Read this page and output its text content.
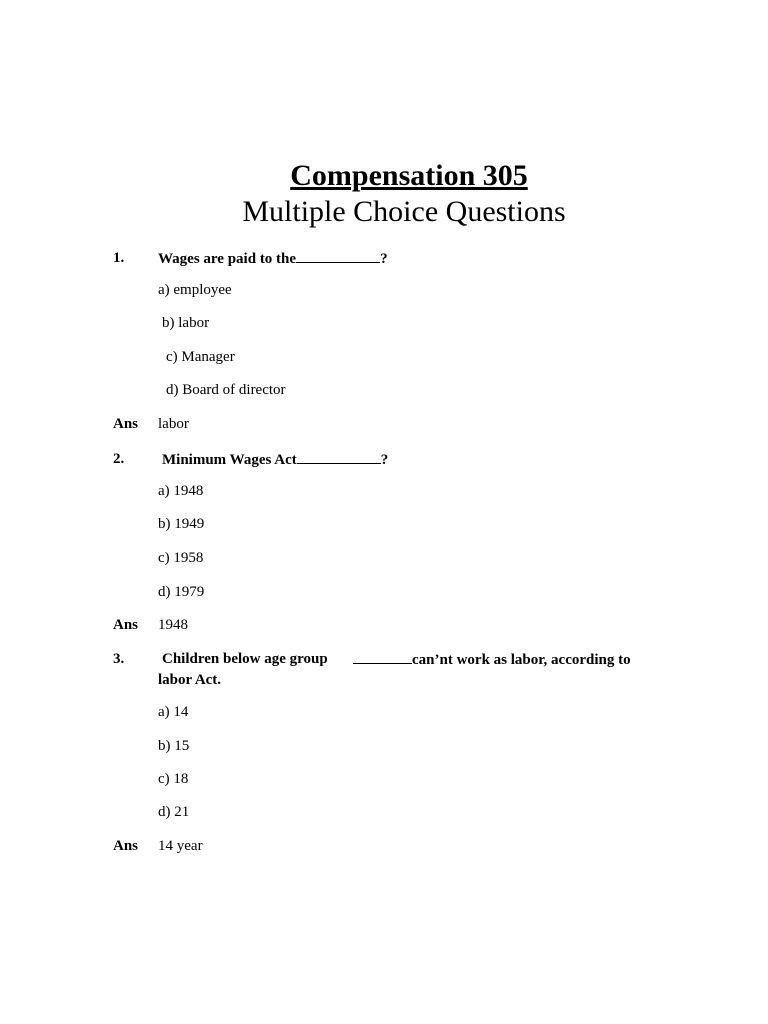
Compensation 305
Multiple Choice Questions
1. Wages are paid to the	?
a) employee
b) labor
c) Manager
d) Board of director
Ans labor
2.	Minimum Wages Act	?
a) 1948
b) 1949
c) 1958
d) 1979
Ans 1948
3.	Children below age group	can’nt work as labor, according to
labor Act.
a) 14
b) 15
c) 18
d) 21
Ans 14 year
